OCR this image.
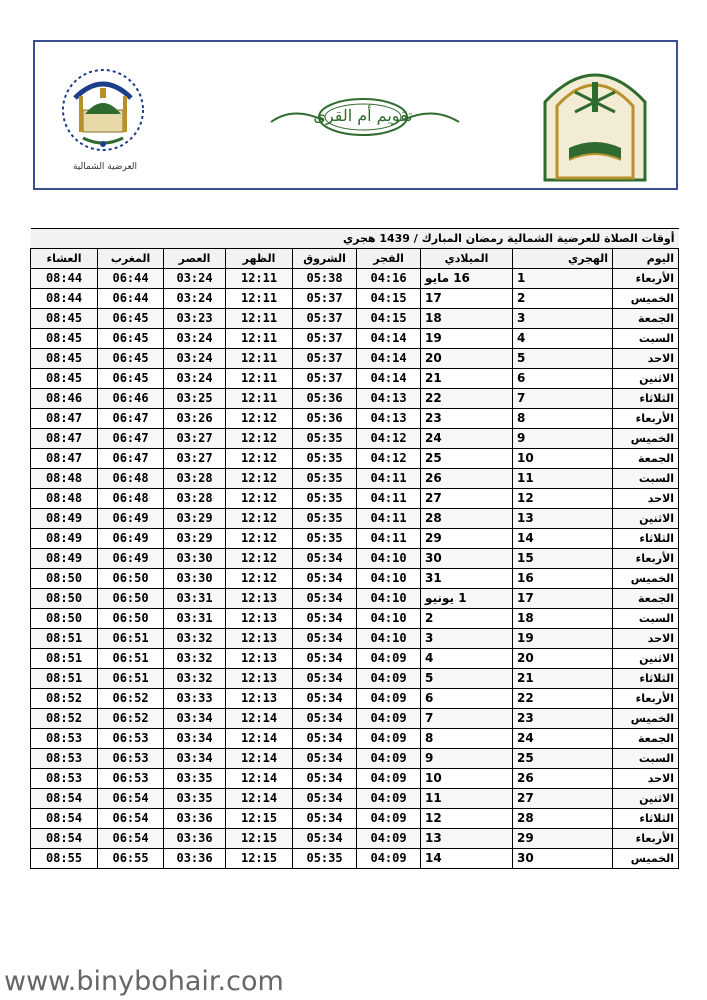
العرضية الشمالية
تقويم أم القرى
أوقات الصلاة للعرضية الشمالية رمضان المبارك / 1439 هجري								
اليوم	الهجري	الميلادي	الفجر	الشروق	الظهر	العصر	المغرب	العشاء
الأربعاء	1	16 مايو	04:16	05:38	12:11	03:24	06:44	08:44
الخميس	2	17	04:15	05:37	12:11	03:24	06:44	08:44
الجمعة	3	18	04:15	05:37	12:11	03:23	06:45	08:45
السبت	4	19	04:14	05:37	12:11	03:24	06:45	08:45
الاحد	5	20	04:14	05:37	12:11	03:24	06:45	08:45
الاثنين	6	21	04:14	05:37	12:11	03:24	06:45	08:45
الثلاثاء	7	22	04:13	05:36	12:11	03:25	06:46	08:46
الأربعاء	8	23	04:13	05:36	12:12	03:26	06:47	08:47
الخميس	9	24	04:12	05:35	12:12	03:27	06:47	08:47
الجمعة	10	25	04:12	05:35	12:12	03:27	06:47	08:47
السبت	11	26	04:11	05:35	12:12	03:28	06:48	08:48
الاحد	12	27	04:11	05:35	12:12	03:28	06:48	08:48
الاثنين	13	28	04:11	05:35	12:12	03:29	06:49	08:49
الثلاثاء	14	29	04:11	05:35	12:12	03:29	06:49	08:49
الأربعاء	15	30	04:10	05:34	12:12	03:30	06:49	08:49
الخميس	16	31	04:10	05:34	12:12	03:30	06:50	08:50
الجمعة	17	1 يونيو	04:10	05:34	12:13	03:31	06:50	08:50
السبت	18	2	04:10	05:34	12:13	03:31	06:50	08:50
الاحد	19	3	04:10	05:34	12:13	03:32	06:51	08:51
الاثنين	20	4	04:09	05:34	12:13	03:32	06:51	08:51
الثلاثاء	21	5	04:09	05:34	12:13	03:32	06:51	08:51
الأربعاء	22	6	04:09	05:34	12:13	03:33	06:52	08:52
الخميس	23	7	04:09	05:34	12:14	03:34	06:52	08:52
الجمعة	24	8	04:09	05:34	12:14	03:34	06:53	08:53
السبت	25	9	04:09	05:34	12:14	03:34	06:53	08:53
الاحد	26	10	04:09	05:34	12:14	03:35	06:53	08:53
الاثنين	27	11	04:09	05:34	12:14	03:35	06:54	08:54
الثلاثاء	28	12	04:09	05:34	12:15	03:36	06:54	08:54
الأربعاء	29	13	04:09	05:34	12:15	03:36	06:54	08:54
الخميس	30	14	04:09	05:35	12:15	03:36	06:55	08:55
www.binybohair.com
